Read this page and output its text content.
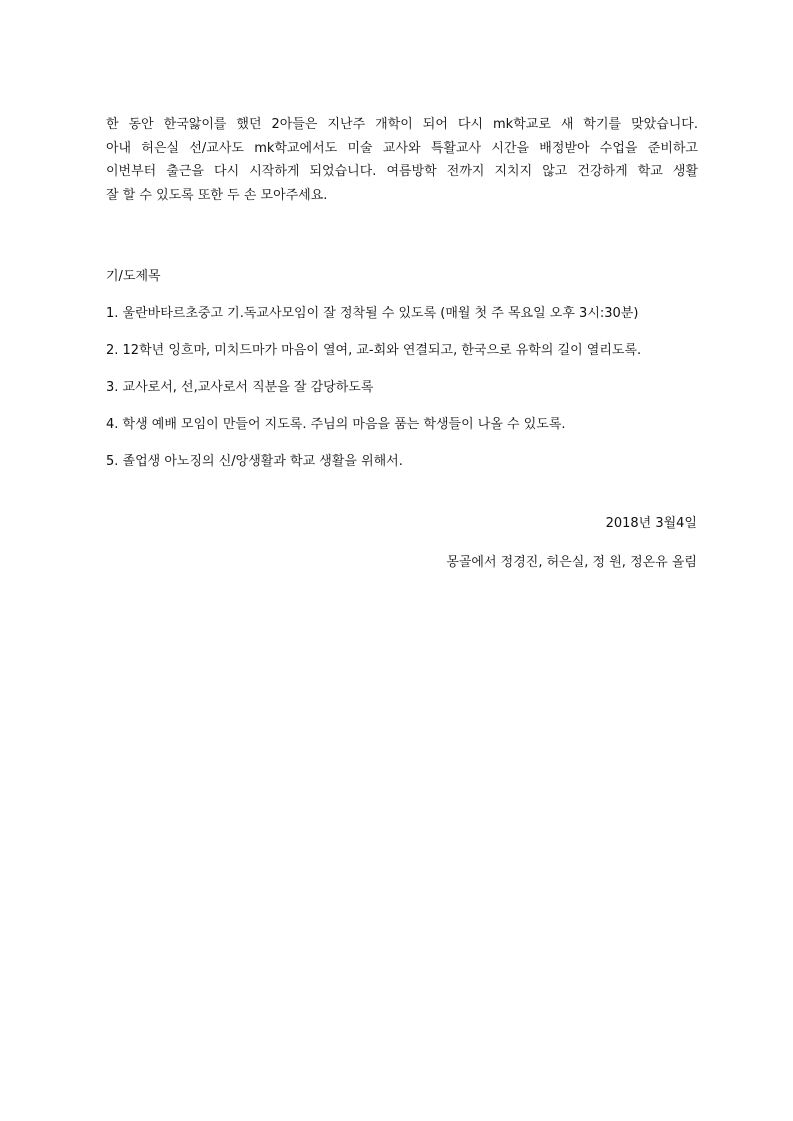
한 동안 한국앓이를 했던 2아들은 지난주 개학이 되어 다시 mk학교로 새 학기를 맞았습니다.
아내 허은실 선/교사도 mk학교에서도 미술 교사와 특활교사 시간을 배정받아 수업을 준비하고
이번부터 출근을 다시 시작하게 되었습니다. 여름방학 전까지 지치지 않고 건강하게 학교 생활
잘 할 수 있도록 또한 두 손 모아주세요.
기/도제목
1. 울란바타르초중고 기.독교사모임이 잘 정착될 수 있도록 (매월 첫 주 목요일 오후 3시:30분)
2. 12학년 잉흐마, 미치드마가 마음이 열여, 교-회와 연결되고, 한국으로 유학의 길이 열리도록.
3. 교사로서, 선,교사로서 직분을 잘 감당하도록
4. 학생 예배 모임이 만들어 지도록. 주님의 마음을 품는 학생들이 나올 수 있도록.
5. 졸업생 아노징의 신/앙생활과 학교 생활을 위해서.
2018년 3월4일
몽골에서 정경진, 허은실, 정 원, 정온유 올림
